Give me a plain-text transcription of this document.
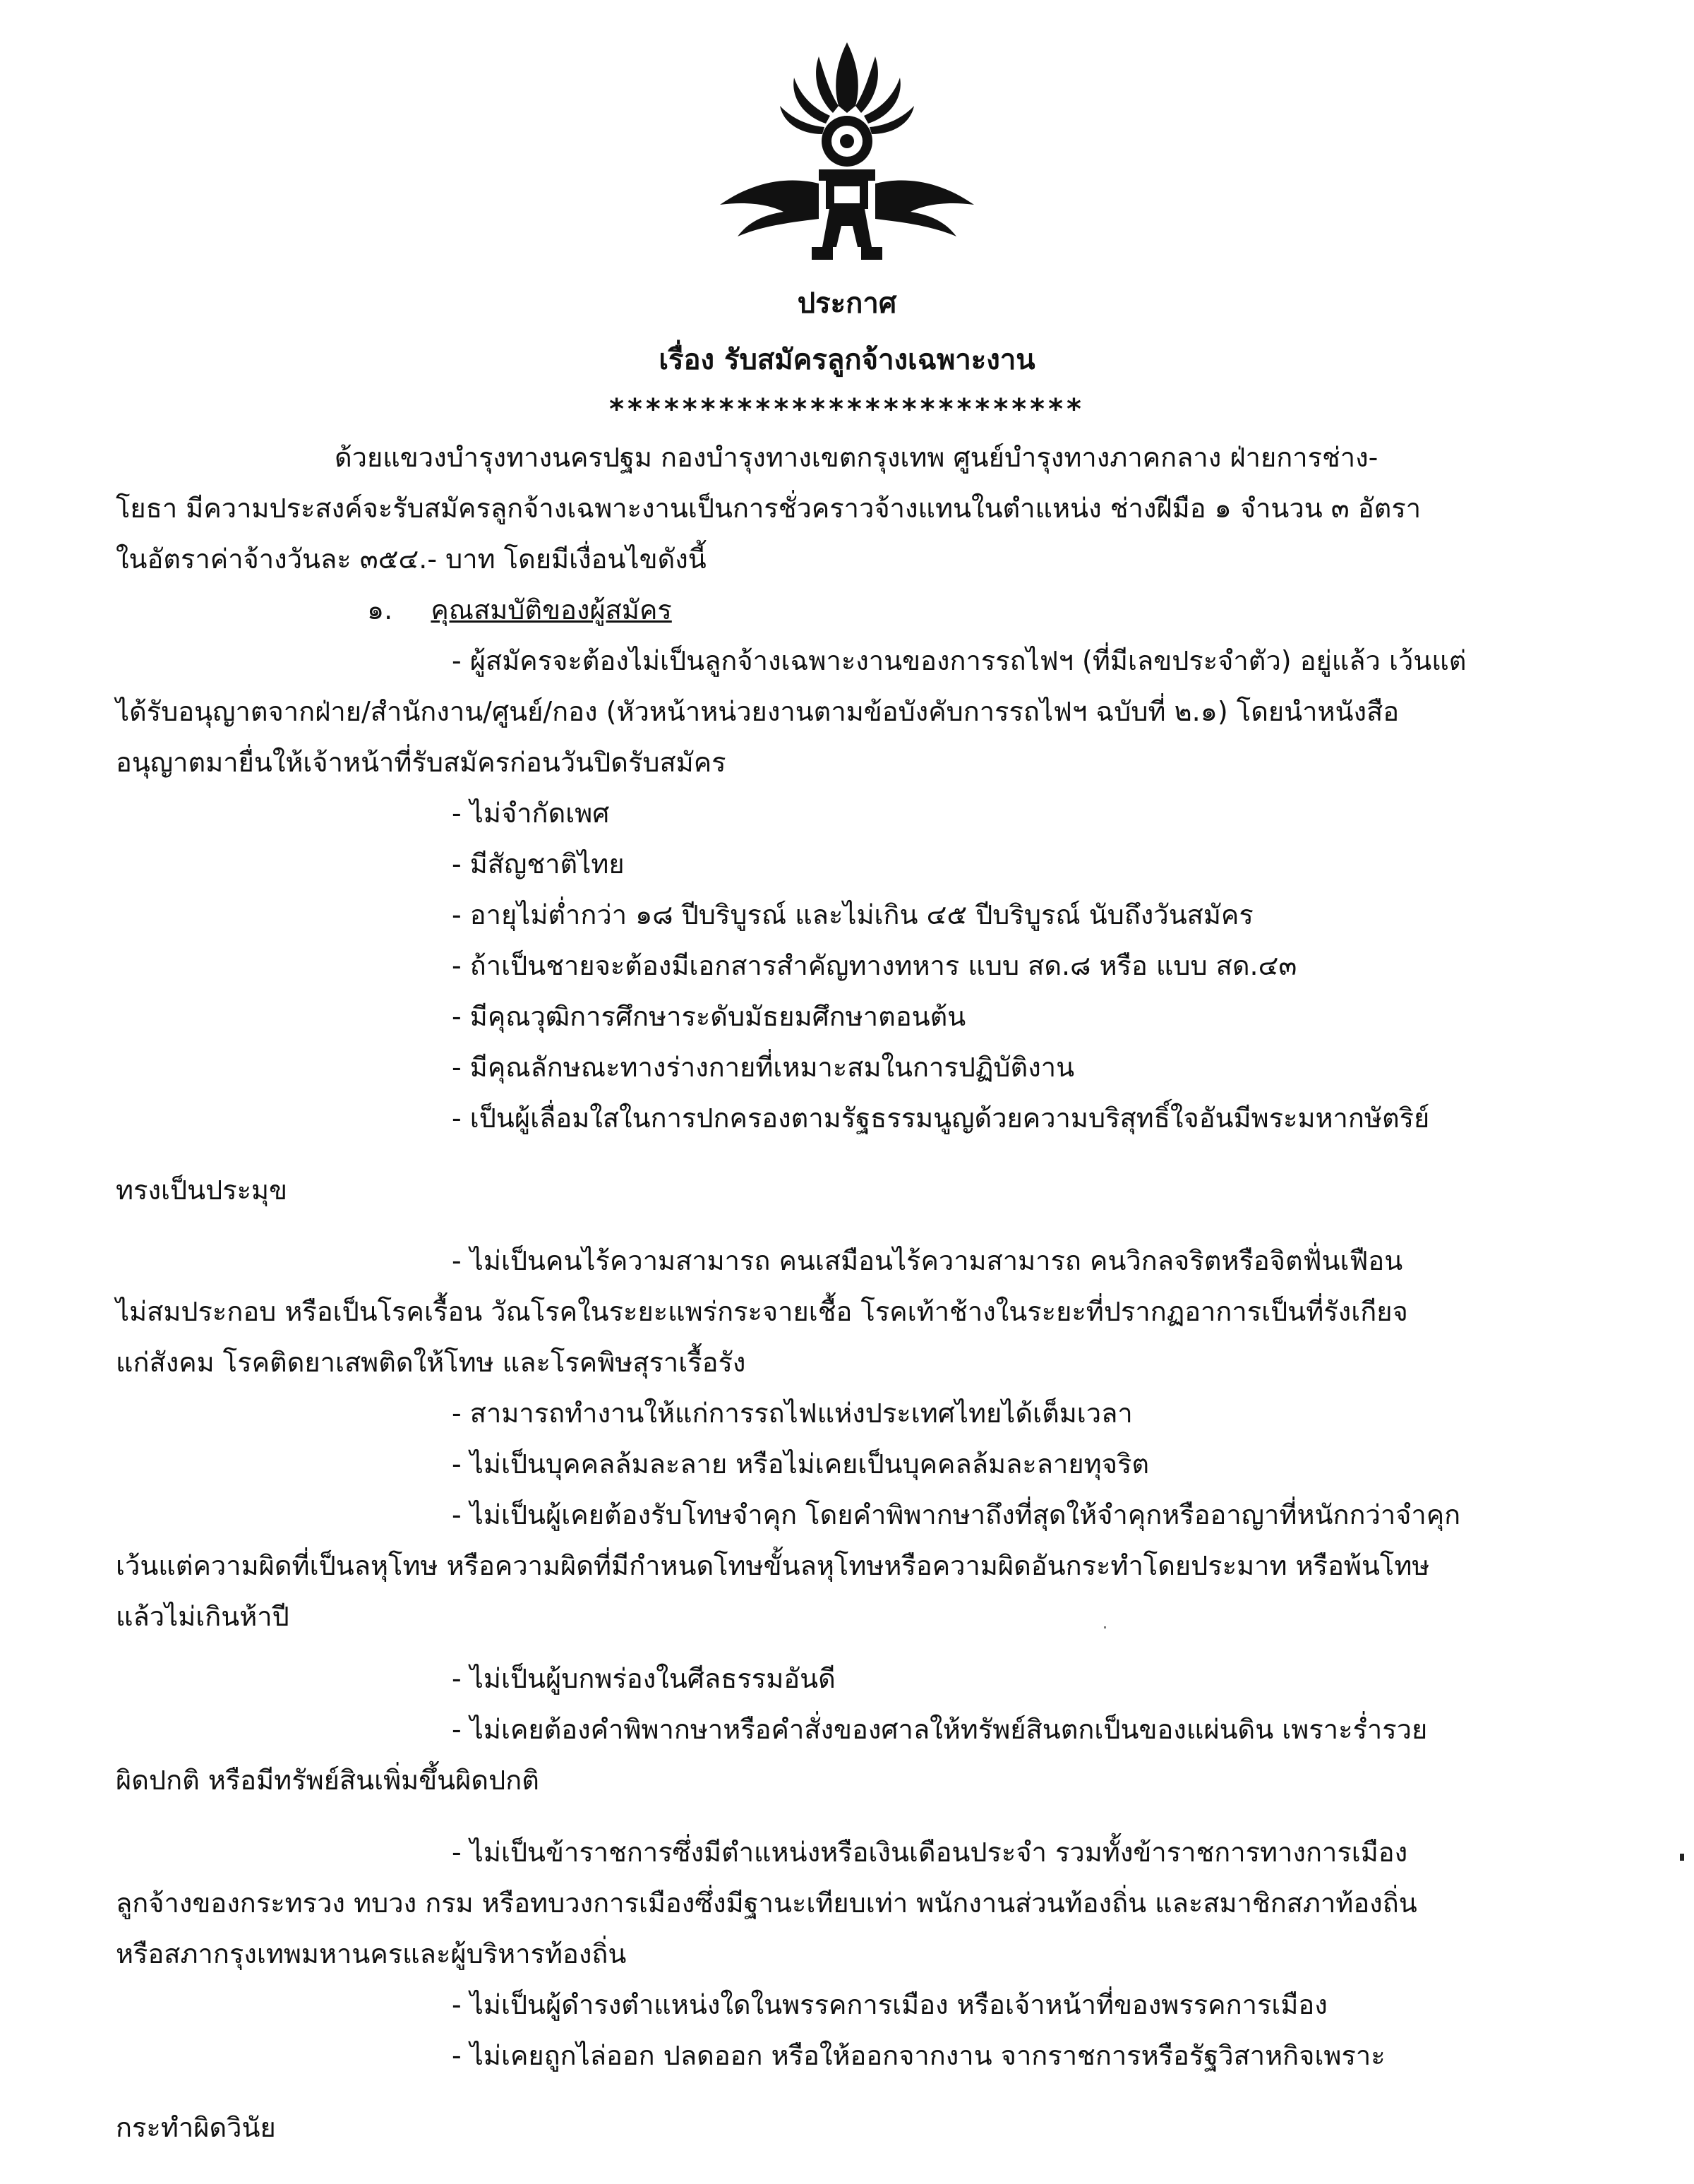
ประกาศ
เรื่อง รับสมัครลูกจ้างเฉพาะงาน
**************************
ด้วยแขวงบำรุงทางนครปฐม กองบำรุงทางเขตกรุงเทพ ศูนย์บำรุงทางภาคกลาง ฝ่ายการช่าง-
โยธา มีความประสงค์จะรับสมัครลูกจ้างเฉพาะงานเป็นการชั่วคราวจ้างแทนในตำแหน่ง ช่างฝีมือ ๑ จำนวน ๓ อัตรา
ในอัตราค่าจ้างวันละ ๓๕๔.- บาท โดยมีเงื่อนไขดังนี้
๑. คุณสมบัติของผู้สมัคร
- ผู้สมัครจะต้องไม่เป็นลูกจ้างเฉพาะงานของการรถไฟฯ (ที่มีเลขประจำตัว) อยู่แล้ว เว้นแต่
ได้รับอนุญาตจากฝ่าย/สำนักงาน/ศูนย์/กอง (หัวหน้าหน่วยงานตามข้อบังคับการรถไฟฯ ฉบับที่ ๒.๑) โดยนำหนังสือ
อนุญาตมายื่นให้เจ้าหน้าที่รับสมัครก่อนวันปิดรับสมัคร
- ไม่จำกัดเพศ
- มีสัญชาติไทย
- อายุไม่ต่ำกว่า ๑๘ ปีบริบูรณ์ และไม่เกิน ๔๕ ปีบริบูรณ์ นับถึงวันสมัคร
- ถ้าเป็นชายจะต้องมีเอกสารสำคัญทางทหาร แบบ สด.๘ หรือ แบบ สด.๔๓
- มีคุณวุฒิการศึกษาระดับมัธยมศึกษาตอนต้น
- มีคุณลักษณะทางร่างกายที่เหมาะสมในการปฏิบัติงาน
- เป็นผู้เลื่อมใสในการปกครองตามรัฐธรรมนูญด้วยความบริสุทธิ์ใจอันมีพระมหากษัตริย์
ทรงเป็นประมุข
- ไม่เป็นคนไร้ความสามารถ คนเสมือนไร้ความสามารถ คนวิกลจริตหรือจิตฟั่นเฟือน
ไม่สมประกอบ หรือเป็นโรคเรื้อน วัณโรคในระยะแพร่กระจายเชื้อ โรคเท้าช้างในระยะที่ปรากฏอาการเป็นที่รังเกียจ
แก่สังคม โรคติดยาเสพติดให้โทษ และโรคพิษสุราเรื้อรัง
- สามารถทำงานให้แก่การรถไฟแห่งประเทศไทยได้เต็มเวลา
- ไม่เป็นบุคคลล้มละลาย หรือไม่เคยเป็นบุคคลล้มละลายทุจริต
- ไม่เป็นผู้เคยต้องรับโทษจำคุก โดยคำพิพากษาถึงที่สุดให้จำคุกหรืออาญาที่หนักกว่าจำคุก
เว้นแต่ความผิดที่เป็นลหุโทษ หรือความผิดที่มีกำหนดโทษขั้นลหุโทษหรือความผิดอันกระทำโดยประมาท หรือพ้นโทษ
แล้วไม่เกินห้าปี
- ไม่เป็นผู้บกพร่องในศีลธรรมอันดี
- ไม่เคยต้องคำพิพากษาหรือคำสั่งของศาลให้ทรัพย์สินตกเป็นของแผ่นดิน เพราะร่ำรวย
ผิดปกติ หรือมีทรัพย์สินเพิ่มขึ้นผิดปกติ
- ไม่เป็นข้าราชการซึ่งมีตำแหน่งหรือเงินเดือนประจำ รวมทั้งข้าราชการทางการเมือง
ลูกจ้างของกระทรวง ทบวง กรม หรือทบวงการเมืองซึ่งมีฐานะเทียบเท่า พนักงานส่วนท้องถิ่น และสมาชิกสภาท้องถิ่น
หรือสภากรุงเทพมหานครและผู้บริหารท้องถิ่น
- ไม่เป็นผู้ดำรงตำแหน่งใดในพรรคการเมือง หรือเจ้าหน้าที่ของพรรคการเมือง
- ไม่เคยถูกไล่ออก ปลดออก หรือให้ออกจากงาน จากราชการหรือรัฐวิสาหกิจเพราะ
กระทำผิดวินัย
